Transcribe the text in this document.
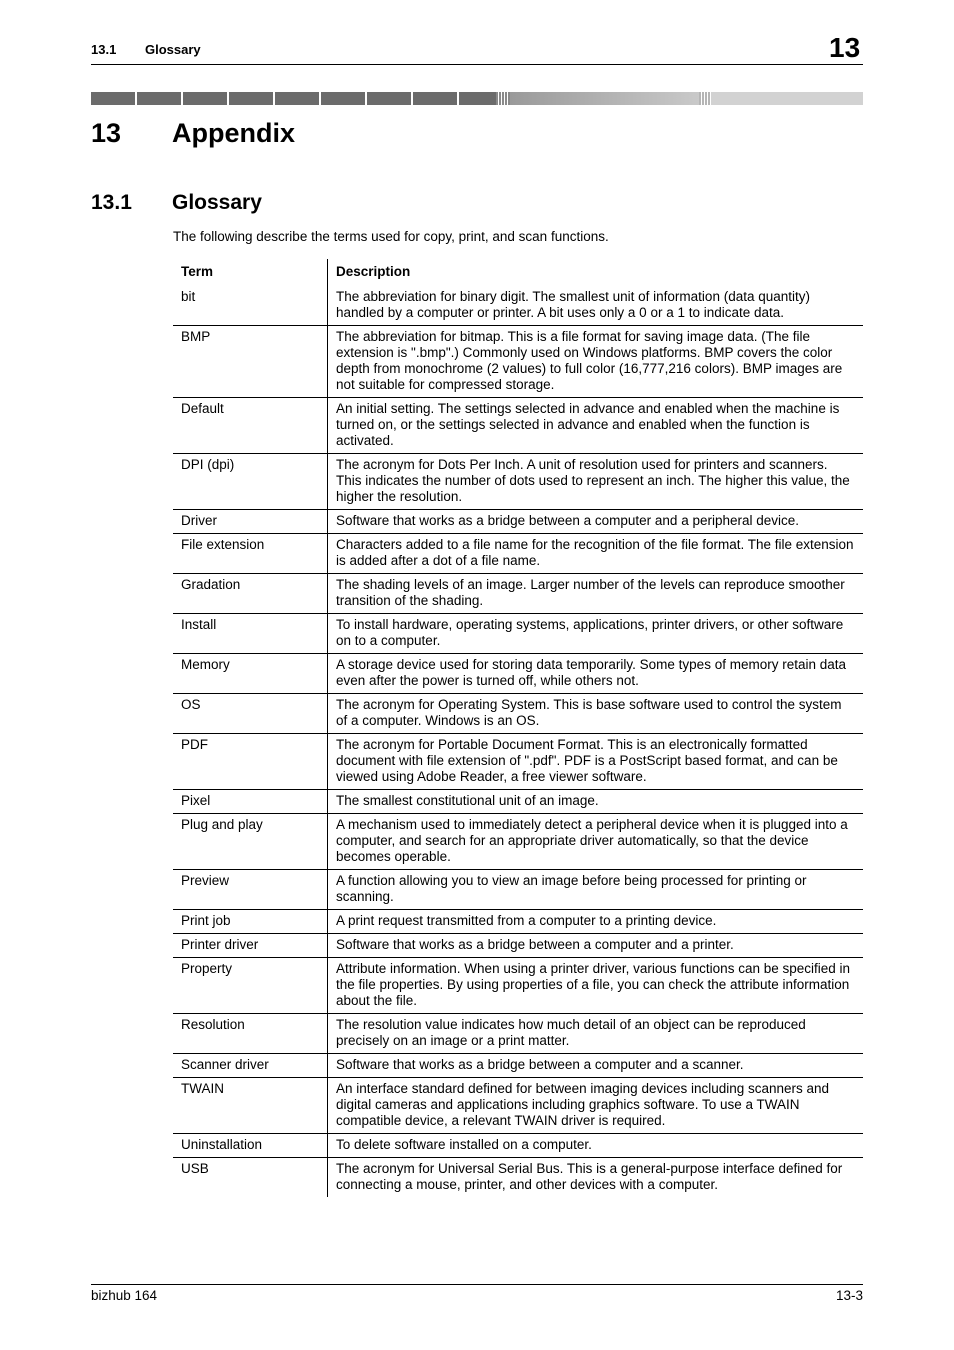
13.1 Glossary	13
13 Appendix
13.1 Glossary
The following describe the terms used for copy, print, and scan functions.
Term	Description
bit	The abbreviation for binary digit. The smallest unit of information (data quantity) handled by a computer or printer. A bit uses only a 0 or a 1 to indicate data.
BMP	The abbreviation for bitmap. This is a file format for saving image data. (The file extension is ".bmp".) Commonly used on Windows platforms. BMP covers the color depth from monochrome (2 values) to full color (16,777,216 colors). BMP images are not suitable for compressed storage.
Default	An initial setting. The settings selected in advance and enabled when the machine is turned on, or the settings selected in advance and enabled when the function is activated.
DPI (dpi)	The acronym for Dots Per Inch. A unit of resolution used for printers and scanners. This indicates the number of dots used to represent an inch. The higher this value, the higher the resolution.
Driver	Software that works as a bridge between a computer and a peripheral device.
File extension	Characters added to a file name for the recognition of the file format. The file extension is added after a dot of a file name.
Gradation	The shading levels of an image. Larger number of the levels can reproduce smoother transition of the shading.
Install	To install hardware, operating systems, applications, printer drivers, or other software on to a computer.
Memory	A storage device used for storing data temporarily. Some types of memory retain data even after the power is turned off, while others not.
OS	The acronym for Operating System. This is base software used to control the system of a computer. Windows is an OS.
PDF	The acronym for Portable Document Format. This is an electronically formatted document with file extension of ".pdf". PDF is a PostScript based format, and can be viewed using Adobe Reader, a free viewer software.
Pixel	The smallest constitutional unit of an image.
Plug and play	A mechanism used to immediately detect a peripheral device when it is plugged into a computer, and search for an appropriate driver automatically, so that the device becomes operable.
Preview	A function allowing you to view an image before being processed for printing or scanning.
Print job	A print request transmitted from a computer to a printing device.
Printer driver	Software that works as a bridge between a computer and a printer.
Property	Attribute information. When using a printer driver, various functions can be specified in the file properties. By using properties of a file, you can check the attribute information about the file.
Resolution	The resolution value indicates how much detail of an object can be reproduced precisely on an image or a print matter.
Scanner driver	Software that works as a bridge between a computer and a scanner.
TWAIN	An interface standard defined for between imaging devices including scanners and digital cameras and applications including graphics software. To use a TWAIN compatible device, a relevant TWAIN driver is required.
Uninstallation	To delete software installed on a computer.
USB	The acronym for Universal Serial Bus. This is a general-purpose interface defined for connecting a mouse, printer, and other devices with a computer.
bizhub 164	13-3
